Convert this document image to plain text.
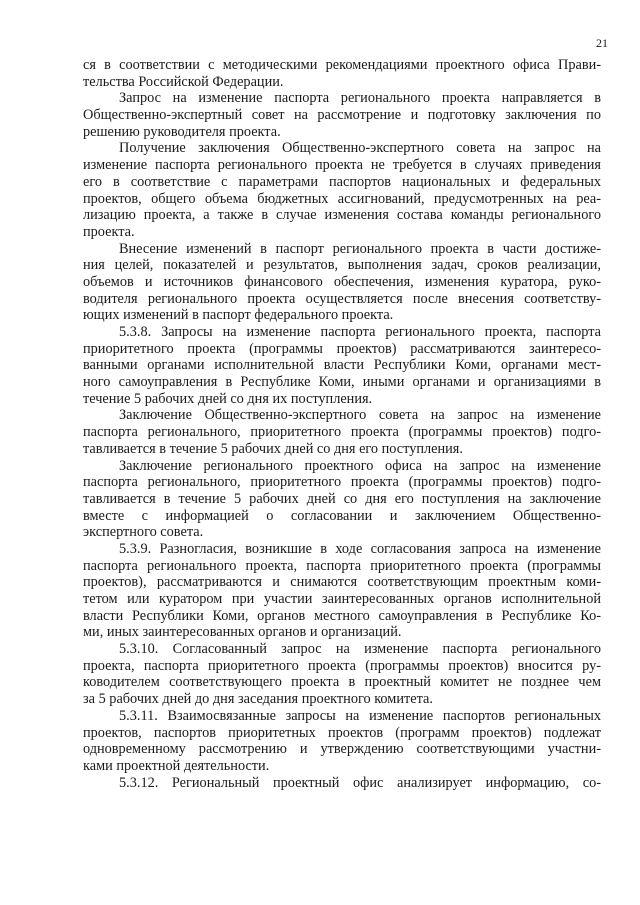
21
ся в соответствии с методическими рекомендациями проектного офиса Прави-
тельства Российской Федерации.
Запрос на изменение паспорта регионального проекта направляется в
Общественно-экспертный совет на рассмотрение и подготовку заключения по
решению руководителя проекта.
Получение заключения Общественно-экспертного совета на запрос на
изменение паспорта регионального проекта не требуется в случаях приведения
его в соответствие с параметрами паспортов национальных и федеральных
проектов, общего объема бюджетных ассигнований, предусмотренных на реа-
лизацию проекта, а также в случае изменения состава команды регионального
проекта.
Внесение изменений в паспорт регионального проекта в части достиже-
ния целей, показателей и результатов, выполнения задач, сроков реализации,
объемов и источников финансового обеспечения, изменения куратора, руко-
водителя регионального проекта осуществляется после внесения соответству-
ющих изменений в паспорт федерального проекта.
5.3.8. Запросы на изменение паспорта регионального проекта, паспорта
приоритетного проекта (программы проектов) рассматриваются заинтересо-
ванными органами исполнительной власти Республики Коми, органами мест-
ного самоуправления в Республике Коми, иными органами и организациями в
течение 5 рабочих дней со дня их поступления.
Заключение Общественно-экспертного совета на запрос на изменение
паспорта регионального, приоритетного проекта (программы проектов) подго-
тавливается в течение 5 рабочих дней со дня его поступления.
Заключение регионального проектного офиса на запрос на изменение
паспорта регионального, приоритетного проекта (программы проектов) подго-
тавливается в течение 5 рабочих дней со дня его поступления на заключение
вместе с информацией о согласовании и заключением Общественно-
экспертного совета.
5.3.9. Разногласия, возникшие в ходе согласования запроса на изменение
паспорта регионального проекта, паспорта приоритетного проекта (программы
проектов), рассматриваются и снимаются соответствующим проектным коми-
тетом или куратором при участии заинтересованных органов исполнительной
власти Республики Коми, органов местного самоуправления в Республике Ко-
ми, иных заинтересованных органов и организаций.
5.3.10. Согласованный запрос на изменение паспорта регионального
проекта, паспорта приоритетного проекта (программы проектов) вносится ру-
ководителем соответствующего проекта в проектный комитет не позднее чем
за 5 рабочих дней до дня заседания проектного комитета.
5.3.11. Взаимосвязанные запросы на изменение паспортов региональных
проектов, паспортов приоритетных проектов (программ проектов) подлежат
одновременному рассмотрению и утверждению соответствующими участни-
ками проектной деятельности.
5.3.12. Региональный проектный офис анализирует информацию, со-
